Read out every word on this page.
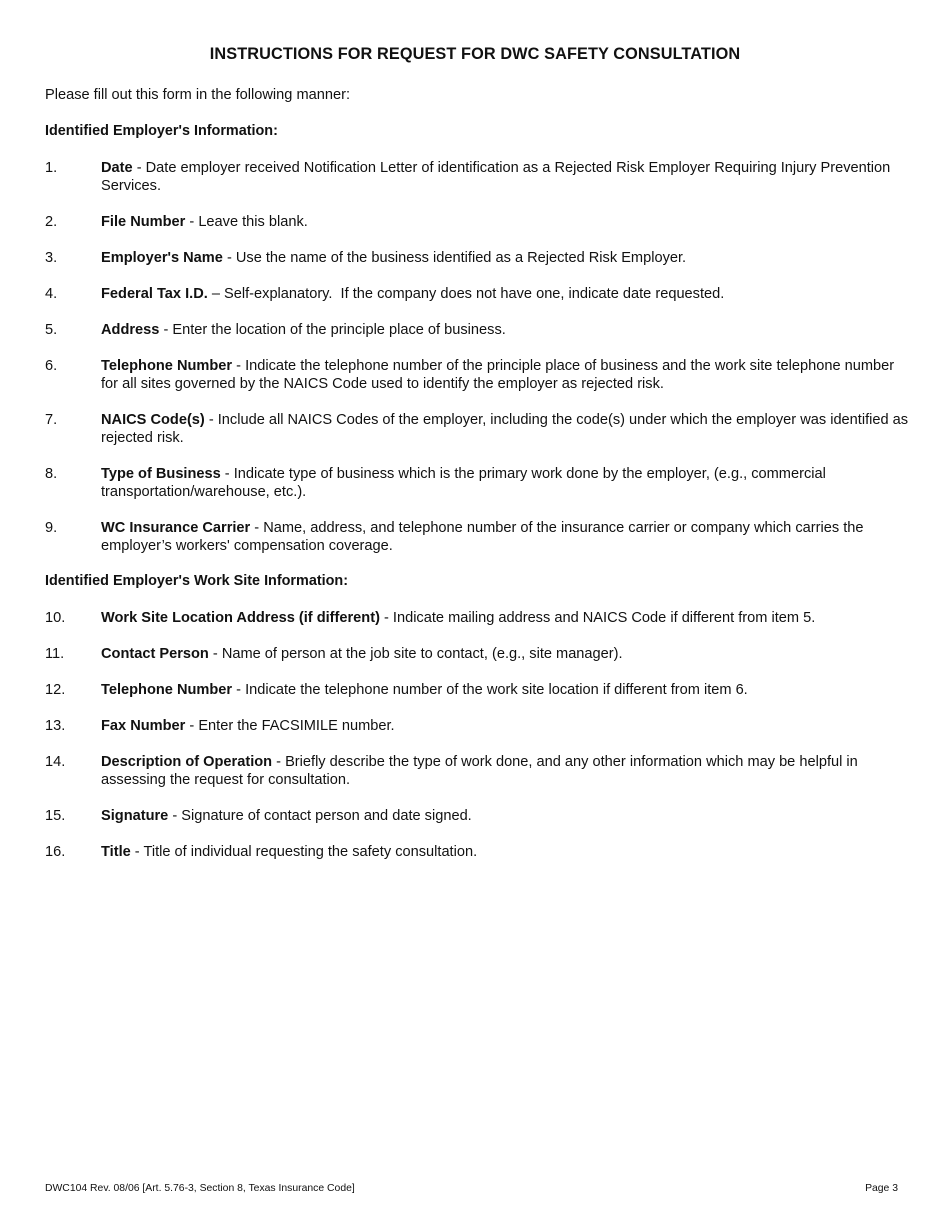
INSTRUCTIONS FOR REQUEST FOR DWC SAFETY CONSULTATION
Please fill out this form in the following manner:
Identified Employer's Information:
1.	Date - Date employer received Notification Letter of identification as a Rejected Risk Employer Requiring Injury Prevention Services.
2.	File Number - Leave this blank.
3.	Employer's Name - Use the name of the business identified as a Rejected Risk Employer.
4.	Federal Tax I.D. – Self-explanatory.  If the company does not have one, indicate date requested.
5.	Address - Enter the location of the principle place of business.
6.	Telephone Number - Indicate the telephone number of the principle place of business and the work site telephone number for all sites governed by the NAICS Code used to identify the employer as rejected risk.
7.	NAICS Code(s) - Include all NAICS Codes of the employer, including the code(s) under which the employer was identified as rejected risk.
8.	Type of Business - Indicate type of business which is the primary work done by the employer, (e.g., commercial transportation/warehouse, etc.).
9.	WC Insurance Carrier - Name, address, and telephone number of the insurance carrier or company which carries the employer’s workers' compensation coverage.
Identified Employer's Work Site Information:
10. Work Site Location Address (if different) - Indicate mailing address and NAICS Code if different from item 5.
11.	Contact Person - Name of person at the job site to contact, (e.g., site manager).
12. Telephone Number - Indicate the telephone number of the work site location if different from item 6.
13. Fax Number - Enter the FACSIMILE number.
14. Description of Operation - Briefly describe the type of work done, and any other information which may be helpful in assessing the request for consultation.
15. Signature - Signature of contact person and date signed.
16. Title - Title of individual requesting the safety consultation.
DWC104 Rev. 08/06 [Art. 5.76-3, Section 8, Texas Insurance Code]	Page 3
